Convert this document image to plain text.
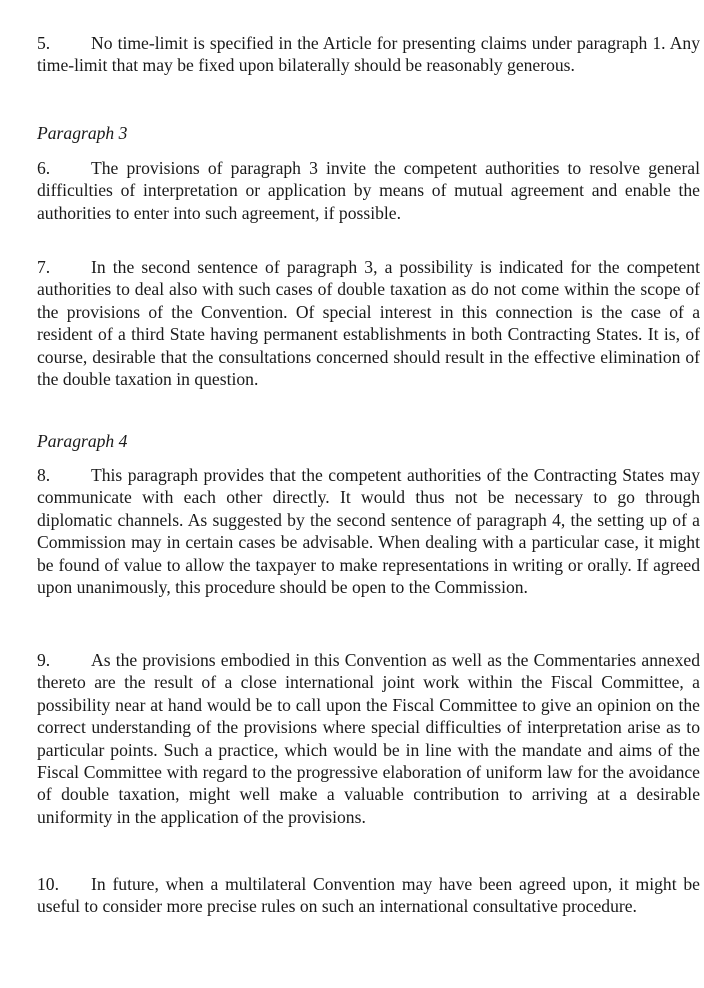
5. No time-limit is specified in the Article for presenting claims under paragraph 1. Any time-limit that may be fixed upon bilaterally should be reasonably generous.

Paragraph 3

6. The provisions of paragraph 3 invite the competent authorities to resolve general difficulties of interpretation or application by means of mutual agreement and enable the authorities to enter into such agreement, if possible.

7. In the second sentence of paragraph 3, a possibility is indicated for the competent authorities to deal also with such cases of double taxation as do not come within the scope of the provisions of the Convention. Of special interest in this connection is the case of a resident of a third State having permanent establishments in both Contracting States. It is, of course, desirable that the consultations concerned should result in the effective elimination of the double taxation in question.

Paragraph 4

8. This paragraph provides that the competent authorities of the Contracting States may communicate with each other directly. It would thus not be necessary to go through diplomatic channels. As suggested by the second sentence of paragraph 4, the setting up of a Commission may in certain cases be advisable. When dealing with a particular case, it might be found of value to allow the taxpayer to make representations in writing or orally. If agreed upon unanimously, this procedure should be open to the Commission.

9. As the provisions embodied in this Convention as well as the Commentaries annexed thereto are the result of a close international joint work within the Fiscal Committee, a possibility near at hand would be to call upon the Fiscal Committee to give an opinion on the correct understanding of the provisions where special difficulties of interpretation arise as to particular points. Such a practice, which would be in line with the mandate and aims of the Fiscal Committee with regard to the progressive elaboration of uniform law for the avoidance of double taxation, might well make a valuable contribution to arriving at a desirable uniformity in the application of the provisions.

10. In future, when a multilateral Convention may have been agreed upon, it might be useful to consider more precise rules on such an international consultative procedure.
